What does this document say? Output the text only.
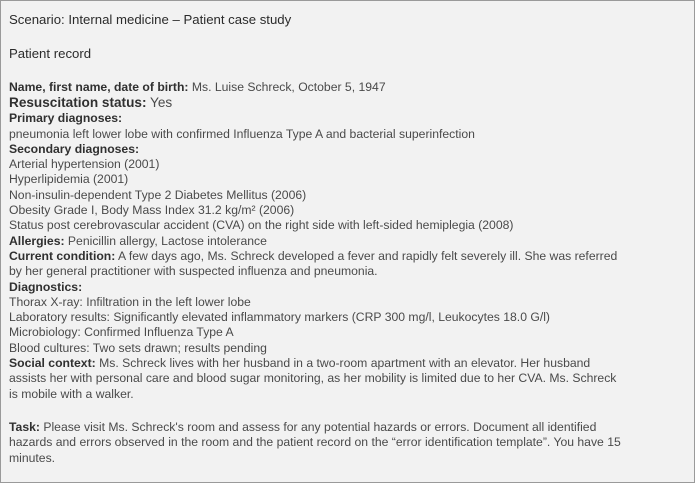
Scenario: Internal medicine – Patient case study
Patient record
Name, first name, date of birth: Ms. Luise Schreck, October 5, 1947
Resuscitation status: Yes
Primary diagnoses:
pneumonia left lower lobe with confirmed Influenza Type A and bacterial superinfection
Secondary diagnoses:
Arterial hypertension (2001)
Hyperlipidemia (2001)
Non-insulin-dependent Type 2 Diabetes Mellitus (2006)
Obesity Grade I, Body Mass Index 31.2 kg/m² (2006)
Status post cerebrovascular accident (CVA) on the right side with left-sided hemiplegia (2008)
Allergies: Penicillin allergy, Lactose intolerance
Current condition: A few days ago, Ms. Schreck developed a fever and rapidly felt severely ill. She was referred
by her general practitioner with suspected influenza and pneumonia.
Diagnostics:
Thorax X-ray: Infiltration in the left lower lobe
Laboratory results: Significantly elevated inflammatory markers (CRP 300 mg/l, Leukocytes 18.0 G/l)
Microbiology: Confirmed Influenza Type A
Blood cultures: Two sets drawn; results pending
Social context: Ms. Schreck lives with her husband in a two-room apartment with an elevator. Her husband
assists her with personal care and blood sugar monitoring, as her mobility is limited due to her CVA. Ms. Schreck
is mobile with a walker.
Task: Please visit Ms. Schreck's room and assess for any potential hazards or errors. Document all identified
hazards and errors observed in the room and the patient record on the “error identification template”. You have 15
minutes.
